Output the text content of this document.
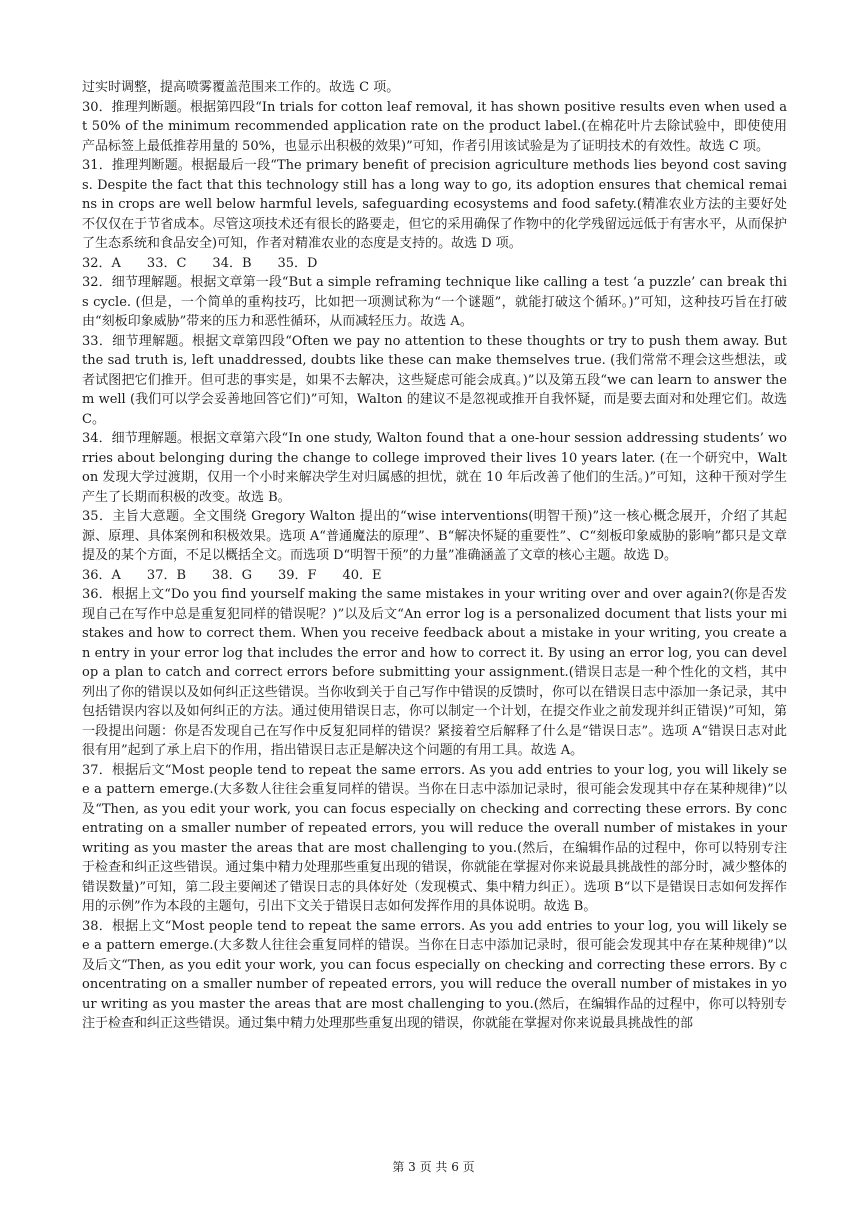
过实时调整，提高喷雾覆盖范围来工作的。故选 C 项。

30．推理判断题。根据第四段“In trials for cotton leaf removal, it has shown positive results even when used at 50% of the minimum recommended application rate on the product label.(在棉花叶片去除试验中，即使使用产品标签上最低推荐用量的 50%，也显示出积极的效果)”可知，作者引用该试验是为了证明技术的有效性。故选 C 项。

31．推理判断题。根据最后一段“The primary benefit of precision agriculture methods lies beyond cost savings. Despite the fact that this technology still has a long way to go, its adoption ensures that chemical remains in crops are well below harmful levels, safeguarding ecosystems and food safety.(精准农业方法的主要好处不仅仅在于节省成本。尽管这项技术还有很长的路要走，但它的采用确保了作物中的化学残留远远低于有害水平，从而保护了生态系统和食品安全)可知，作者对精准农业的态度是支持的。故选 D 项。

32．A　　33．C　　34．B　　35．D

32．细节理解题。根据文章第一段“But a simple reframing technique like calling a test ‘a puzzle’ can break this cycle. (但是，一个简单的重构技巧，比如把一项测试称为“一个谜题”，就能打破这个循环。)”可知，这种技巧旨在打破由“刻板印象威胁”带来的压力和恶性循环，从而减轻压力。故选 A。

33．细节理解题。根据文章第四段“Often we pay no attention to these thoughts or try to push them away. But the sad truth is, left unaddressed, doubts like these can make themselves true. (我们常常不理会这些想法，或者试图把它们推开。但可悲的事实是，如果不去解决，这些疑虑可能会成真。)”以及第五段“we can learn to answer them well (我们可以学会妥善地回答它们)”可知，Walton 的建议不是忽视或推开自我怀疑，而是要去面对和处理它们。故选 C。

34．细节理解题。根据文章第六段“In one study, Walton found that a one-hour session addressing students’ worries about belonging during the change to college improved their lives 10 years later. (在一个研究中，Walton 发现大学过渡期，仅用一个小时来解决学生对归属感的担忧，就在 10 年后改善了他们的生活。)”可知，这种干预对学生产生了长期而积极的改变。故选 B。

35．主旨大意题。全文围绕 Gregory Walton 提出的“wise interventions(明智干预)”这一核心概念展开，介绍了其起源、原理、具体案例和积极效果。选项 A“普通魔法的原理”、B“解决怀疑的重要性”、C“刻板印象威胁的影响”都只是文章提及的某个方面，不足以概括全文。而选项 D“明智干预”的力量”准确涵盖了文章的核心主题。故选 D。

36．A　　37．B　　38．G　　39．F　　40．E

36．根据上文“Do you find yourself making the same mistakes in your writing over and over again?(你是否发现自己在写作中总是重复犯同样的错误呢？)”以及后文“An error log is a personalized document that lists your mistakes and how to correct them. When you receive feedback about a mistake in your writing, you create an entry in your error log that includes the error and how to correct it. By using an error log, you can develop a plan to catch and correct errors before submitting your assignment.(错误日志是一种个性化的文档，其中列出了你的错误以及如何纠正这些错误。当你收到关于自己写作中错误的反馈时，你可以在错误日志中添加一条记录，其中包括错误内容以及如何纠正的方法。通过使用错误日志，你可以制定一个计划，在提交作业之前发现并纠正错误)”可知，第一段提出问题：你是否发现自己在写作中反复犯同样的错误？紧接着空后解释了什么是“错误日志”。选项 A“错误日志对此很有用”起到了承上启下的作用，指出错误日志正是解决这个问题的有用工具。故选 A。

37．根据后文“Most people tend to repeat the same errors. As you add entries to your log, you will likely see a pattern emerge.(大多数人往往会重复同样的错误。当你在日志中添加记录时，很可能会发现其中存在某种规律)”以及“Then, as you edit your work, you can focus especially on checking and correcting these errors. By concentrating on a smaller number of repeated errors, you will reduce the overall number of mistakes in your writing as you master the areas that are most challenging to you.(然后，在编辑作品的过程中，你可以特别专注于检查和纠正这些错误。通过集中精力处理那些重复出现的错误，你就能在掌握对你来说最具挑战性的部分时，减少整体的错误数量)”可知，第二段主要阐述了错误日志的具体好处（发现模式、集中精力纠正）。选项 B“以下是错误日志如何发挥作用的示例”作为本段的主题句，引出下文关于错误日志如何发挥作用的具体说明。故选 B。

38．根据上文“Most people tend to repeat the same errors. As you add entries to your log, you will likely see a pattern emerge.(大多数人往往会重复同样的错误。当你在日志中添加记录时，很可能会发现其中存在某种规律)”以及后文“Then, as you edit your work, you can focus especially on checking and correcting these errors. By concentrating on a smaller number of repeated errors, you will reduce the overall number of mistakes in your writing as you master the areas that are most challenging to you.(然后，在编辑作品的过程中，你可以特别专注于检查和纠正这些错误。通过集中精力处理那些重复出现的错误，你就能在掌握对你来说最具挑战性的部

第 3 页 共 6 页
